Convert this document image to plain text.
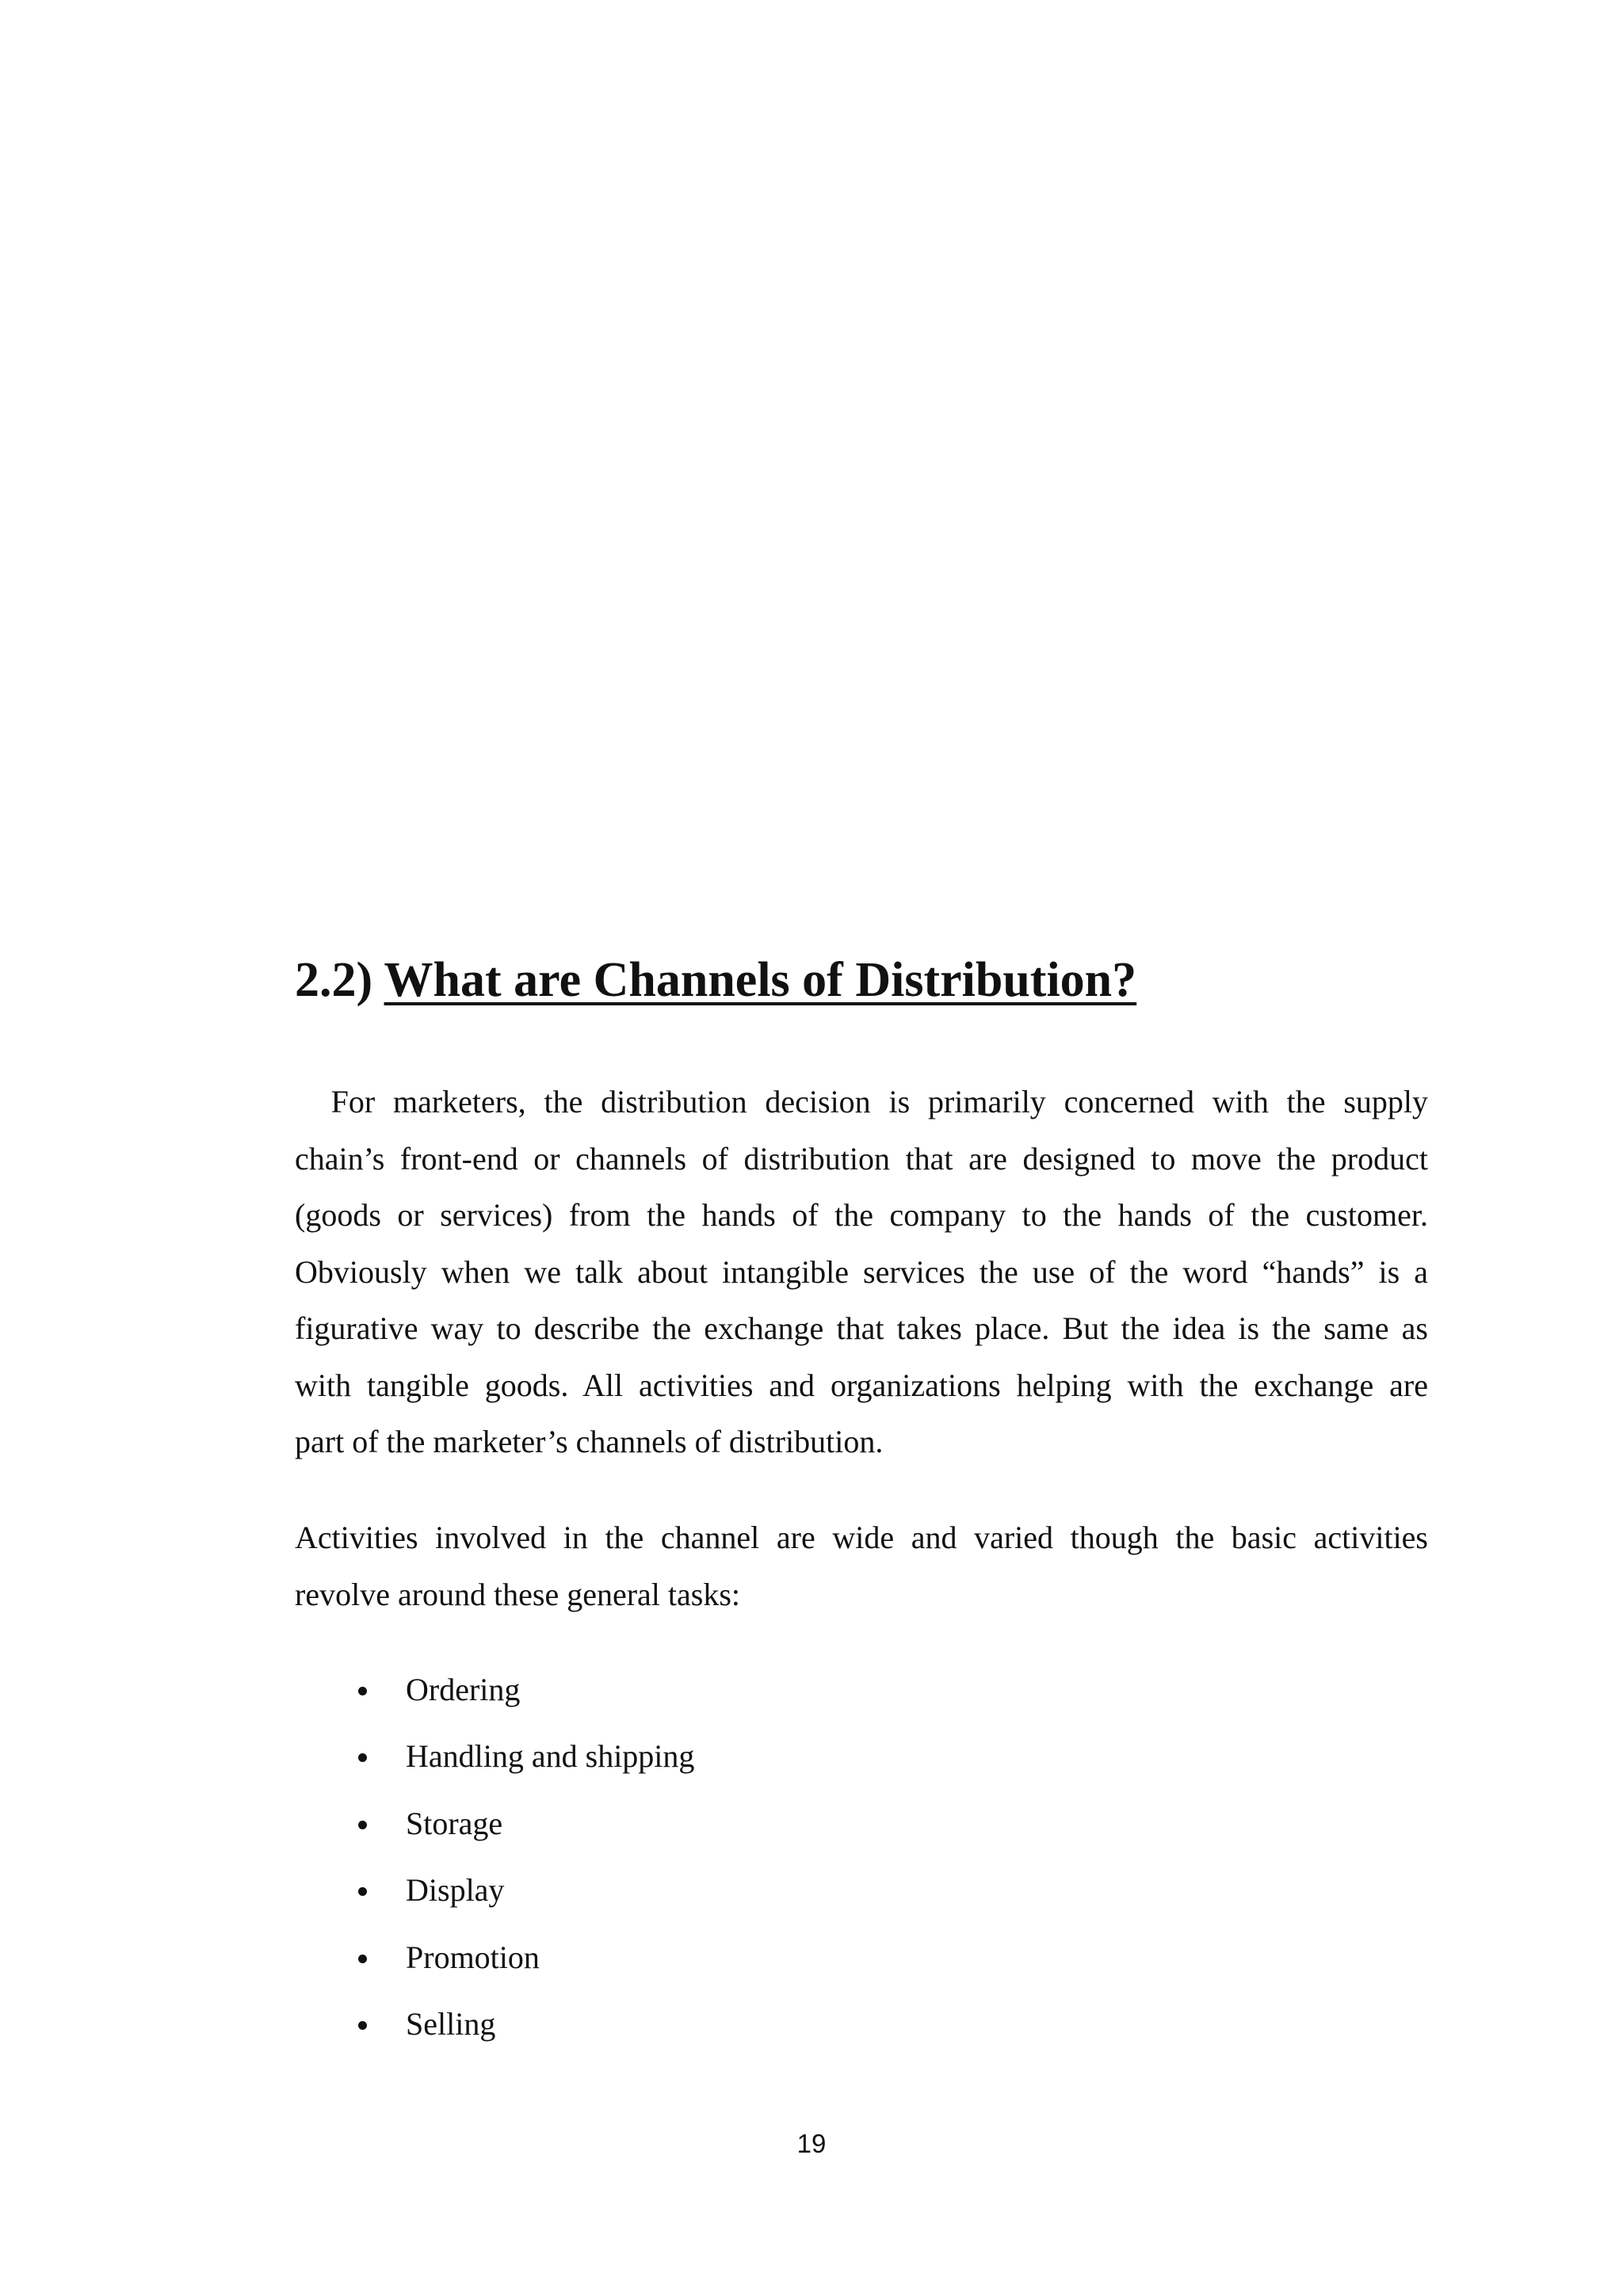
2.2) What are Channels of Distribution?

For marketers, the distribution decision is primarily concerned with the supply
chain’s front-end or channels of distribution that are designed to move the product
(goods or services) from the hands of the company to the hands of the customer.
Obviously when we talk about intangible services the use of the word “hands” is a
figurative way to describe the exchange that takes place. But the idea is the same as
with tangible goods. All activities and organizations helping with the exchange are
part of the marketer’s channels of distribution.

Activities involved in the channel are wide and varied though the basic activities
revolve around these general tasks:

Ordering
Handling and shipping
Storage
Display
Promotion
Selling
19
